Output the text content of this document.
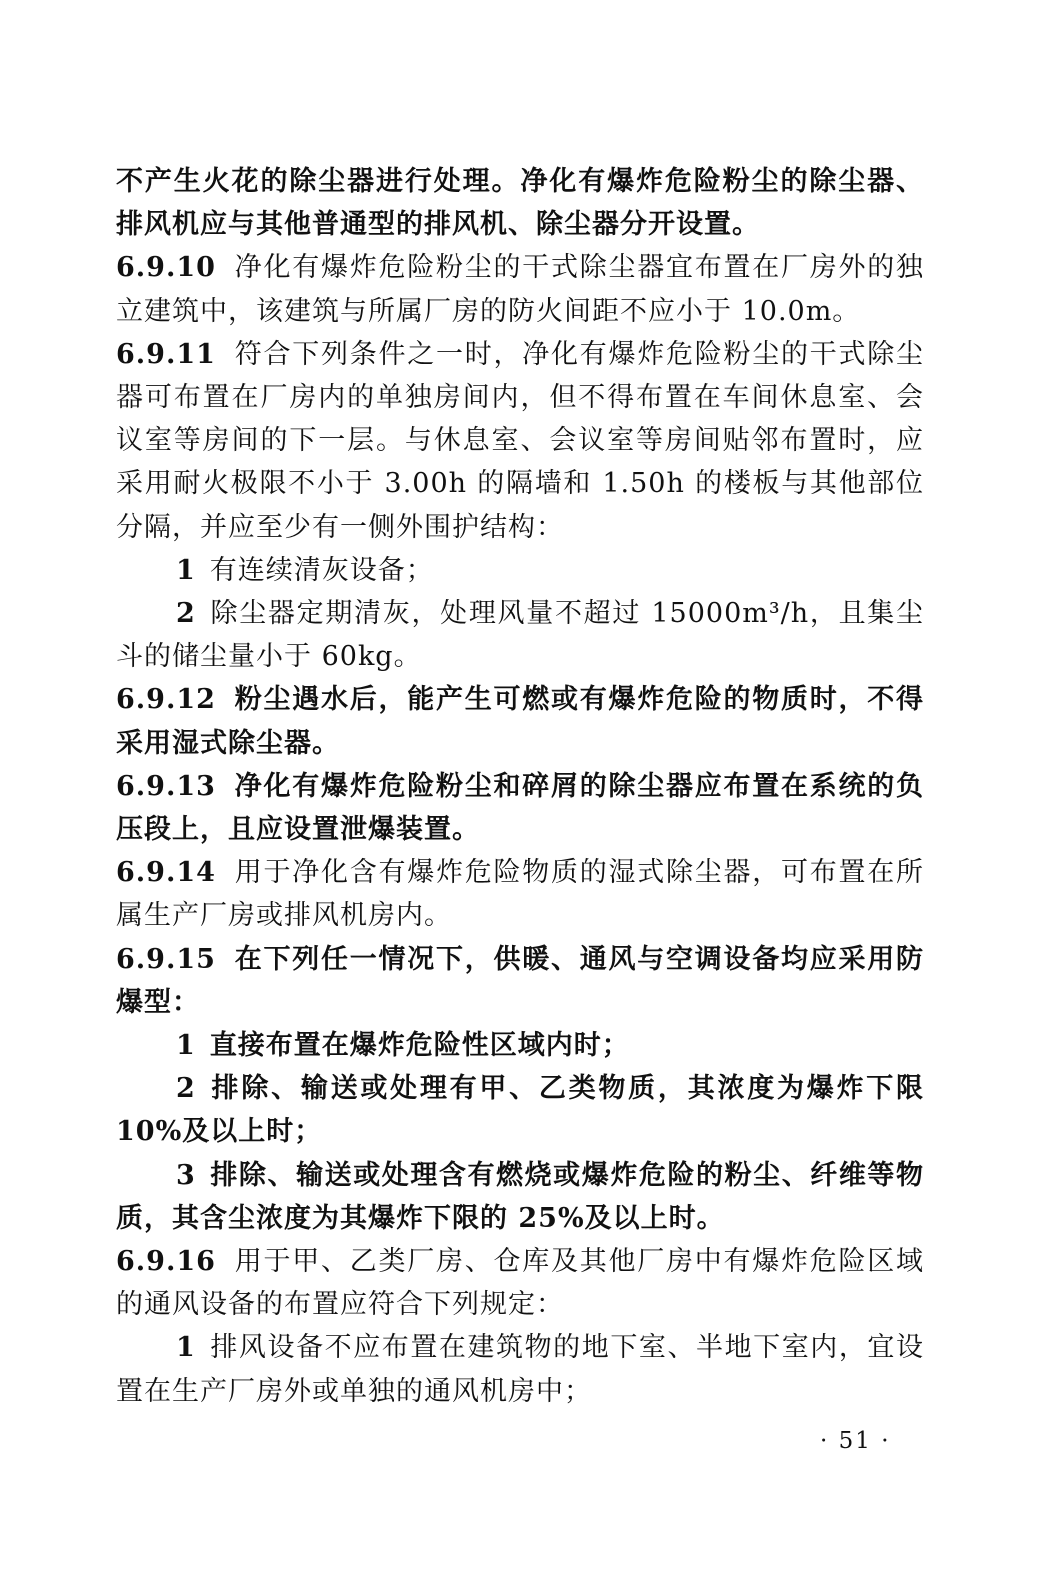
不产生火花的除尘器进行处理。净化有爆炸危险粉尘的除尘器、排风机应与其他普通型的排风机、除尘器分开设置。

6.9.10 净化有爆炸危险粉尘的干式除尘器宜布置在厂房外的独立建筑中，该建筑与所属厂房的防火间距不应小于 10.0m。

6.9.11 符合下列条件之一时，净化有爆炸危险粉尘的干式除尘器可布置在厂房内的单独房间内，但不得布置在车间休息室、会议室等房间的下一层。与休息室、会议室等房间贴邻布置时，应采用耐火极限不小于 3.00h 的隔墙和 1.50h 的楼板与其他部位分隔，并应至少有一侧外围护结构：

1 有连续清灰设备；

2 除尘器定期清灰，处理风量不超过 15000m³/h，且集尘斗的储尘量小于 60kg。

6.9.12 粉尘遇水后，能产生可燃或有爆炸危险的物质时，不得采用湿式除尘器。

6.9.13 净化有爆炸危险粉尘和碎屑的除尘器应布置在系统的负压段上，且应设置泄爆装置。

6.9.14 用于净化含有爆炸危险物质的湿式除尘器，可布置在所属生产厂房或排风机房内。

6.9.15 在下列任一情况下，供暖、通风与空调设备均应采用防爆型：

1 直接布置在爆炸危险性区域内时；

2 排除、输送或处理有甲、乙类物质，其浓度为爆炸下限 10%及以上时；

3 排除、输送或处理含有燃烧或爆炸危险的粉尘、纤维等物质，其含尘浓度为其爆炸下限的 25%及以上时。

6.9.16 用于甲、乙类厂房、仓库及其他厂房中有爆炸危险区域的通风设备的布置应符合下列规定：

1 排风设备不应布置在建筑物的地下室、半地下室内，宜设置在生产厂房外或单独的通风机房中；

· 51 ·
